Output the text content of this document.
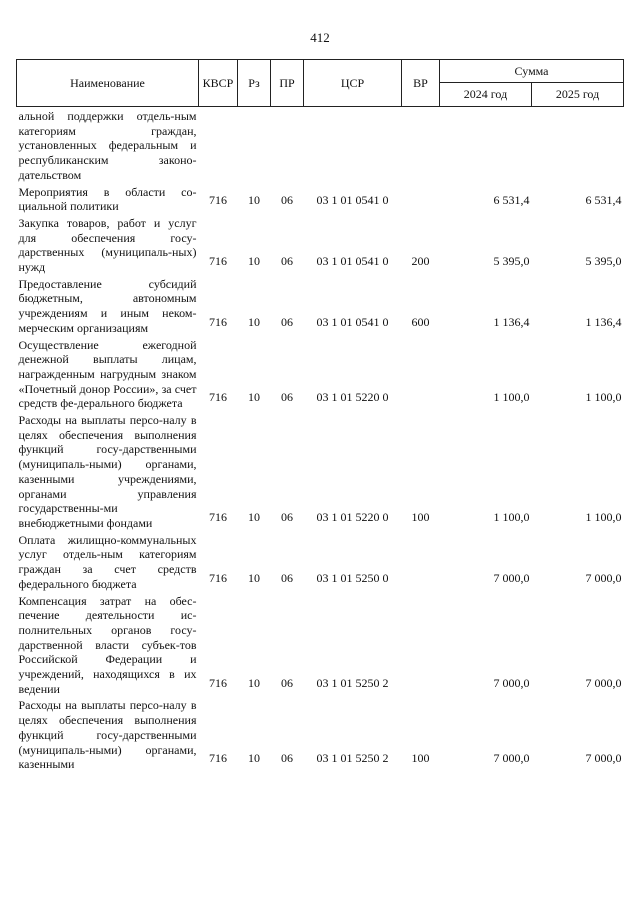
412
Наименование	КВСР	Рз	ПР	ЦСР	ВР	Сумма	
						2024 год	2025 год
альной поддержки отдель-ным категориям граждан, установленных федеральным и республиканским законо-дательством							
Мероприятия в области со-циальной политики	716	10	06	03 1 01 0541 0		6 531,4	6 531,4
Закупка товаров, работ и услуг для обеспечения госу-дарственных (муниципаль-ных) нужд	716	10	06	03 1 01 0541 0	200	5 395,0	5 395,0
Предоставление субсидий бюджетным, автономным учреждениям и иным неком-мерческим организациям	716	10	06	03 1 01 0541 0	600	1 136,4	1 136,4
Осуществление ежегодной денежной выплаты лицам, награжденным нагрудным знаком «Почетный донор России», за счет средств фе-дерального бюджета	716	10	06	03 1 01 5220 0		1 100,0	1 100,0
Расходы на выплаты персо-налу в целях обеспечения выполнения функций госу-дарственными (муниципаль-ными) органами, казенными учреждениями, органами управления государственны-ми внебюджетными фондами	716	10	06	03 1 01 5220 0	100	1 100,0	1 100,0
Оплата жилищно-коммунальных услуг отдель-ным категориям граждан за счет средств федерального бюджета	716	10	06	03 1 01 5250 0		7 000,0	7 000,0
Компенсация затрат на обес-печение деятельности ис-полнительных органов госу-дарственной власти субъек-тов Российской Федерации и учреждений, находящихся в их ведении	716	10	06	03 1 01 5250 2		7 000,0	7 000,0
Расходы на выплаты персо-налу в целях обеспечения выполнения функций госу-дарственными (муниципаль-ными) органами, казенными	716	10	06	03 1 01 5250 2	100	7 000,0	7 000,0
